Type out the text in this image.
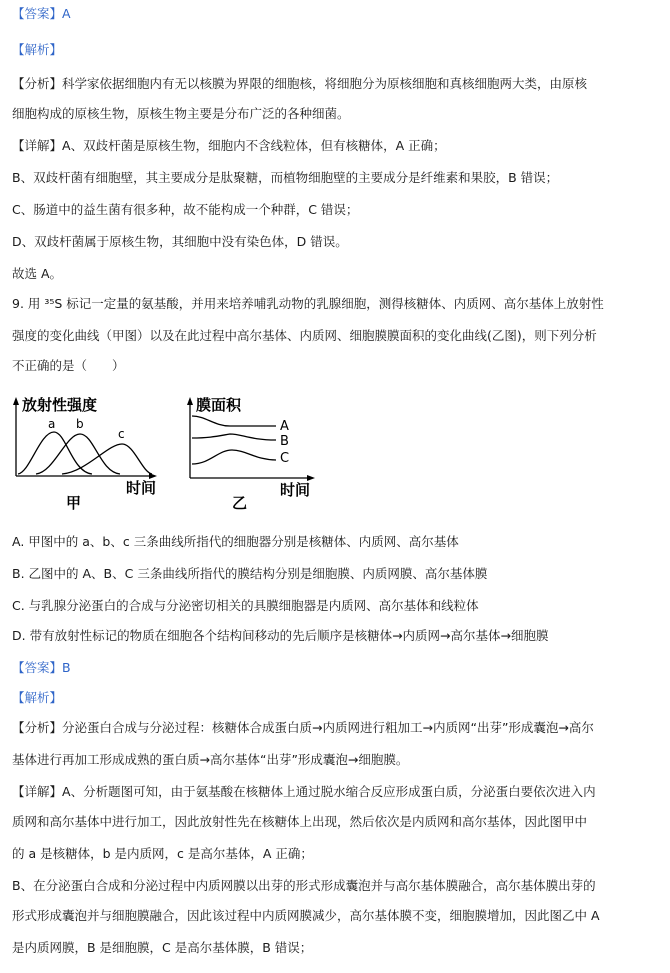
【答案】A
【解析】
【分析】科学家依据细胞内有无以核膜为界限的细胞核，将细胞分为原核细胞和真核细胞两大类，由原核
细胞构成的原核生物，原核生物主要是分布广泛的各种细菌。
【详解】A、双歧杆菌是原核生物，细胞内不含线粒体，但有核糖体，A 正确；
B、双歧杆菌有细胞壁，其主要成分是肽聚糖，而植物细胞壁的主要成分是纤维素和果胶，B 错误；
C、肠道中的益生菌有很多种，故不能构成一个种群，C 错误；
D、双歧杆菌属于原核生物，其细胞中没有染色体，D 错误。
故选 A。
9. 用 ³⁵S 标记一定量的氨基酸，并用来培养哺乳动物的乳腺细胞，测得核糖体、内质网、高尔基体上放射性
强度的变化曲线（甲图）以及在此过程中高尔基体、内质网、细胞膜膜面积的变化曲线(乙图)，则下列分析
不正确的是（　　）
放射性强度
a b
c
时间
甲
膜面积
A
B
C
时间
乙
A. 甲图中的 a、b、c 三条曲线所指代的细胞器分别是核糖体、内质网、高尔基体
B. 乙图中的 A、B、C 三条曲线所指代的膜结构分别是细胞膜、内质网膜、高尔基体膜
C. 与乳腺分泌蛋白的合成与分泌密切相关的具膜细胞器是内质网、高尔基体和线粒体
D. 带有放射性标记的物质在细胞各个结构间移动的先后顺序是核糖体→内质网→高尔基体→细胞膜
【答案】B
【解析】
【分析】分泌蛋白合成与分泌过程：核糖体合成蛋白质→内质网进行粗加工→内质网“出芽”形成囊泡→高尔
基体进行再加工形成成熟的蛋白质→高尔基体“出芽”形成囊泡→细胞膜。
【详解】A、分析题图可知，由于氨基酸在核糖体上通过脱水缩合反应形成蛋白质，分泌蛋白要依次进入内
质网和高尔基体中进行加工，因此放射性先在核糖体上出现，然后依次是内质网和高尔基体，因此图甲中
的 a 是核糖体，b 是内质网，c 是高尔基体，A 正确；
B、在分泌蛋白合成和分泌过程中内质网膜以出芽的形式形成囊泡并与高尔基体膜融合，高尔基体膜出芽的
形式形成囊泡并与细胞膜融合，因此该过程中内质网膜减少，高尔基体膜不变，细胞膜增加，因此图乙中 A
是内质网膜，B 是细胞膜，C 是高尔基体膜，B 错误；
